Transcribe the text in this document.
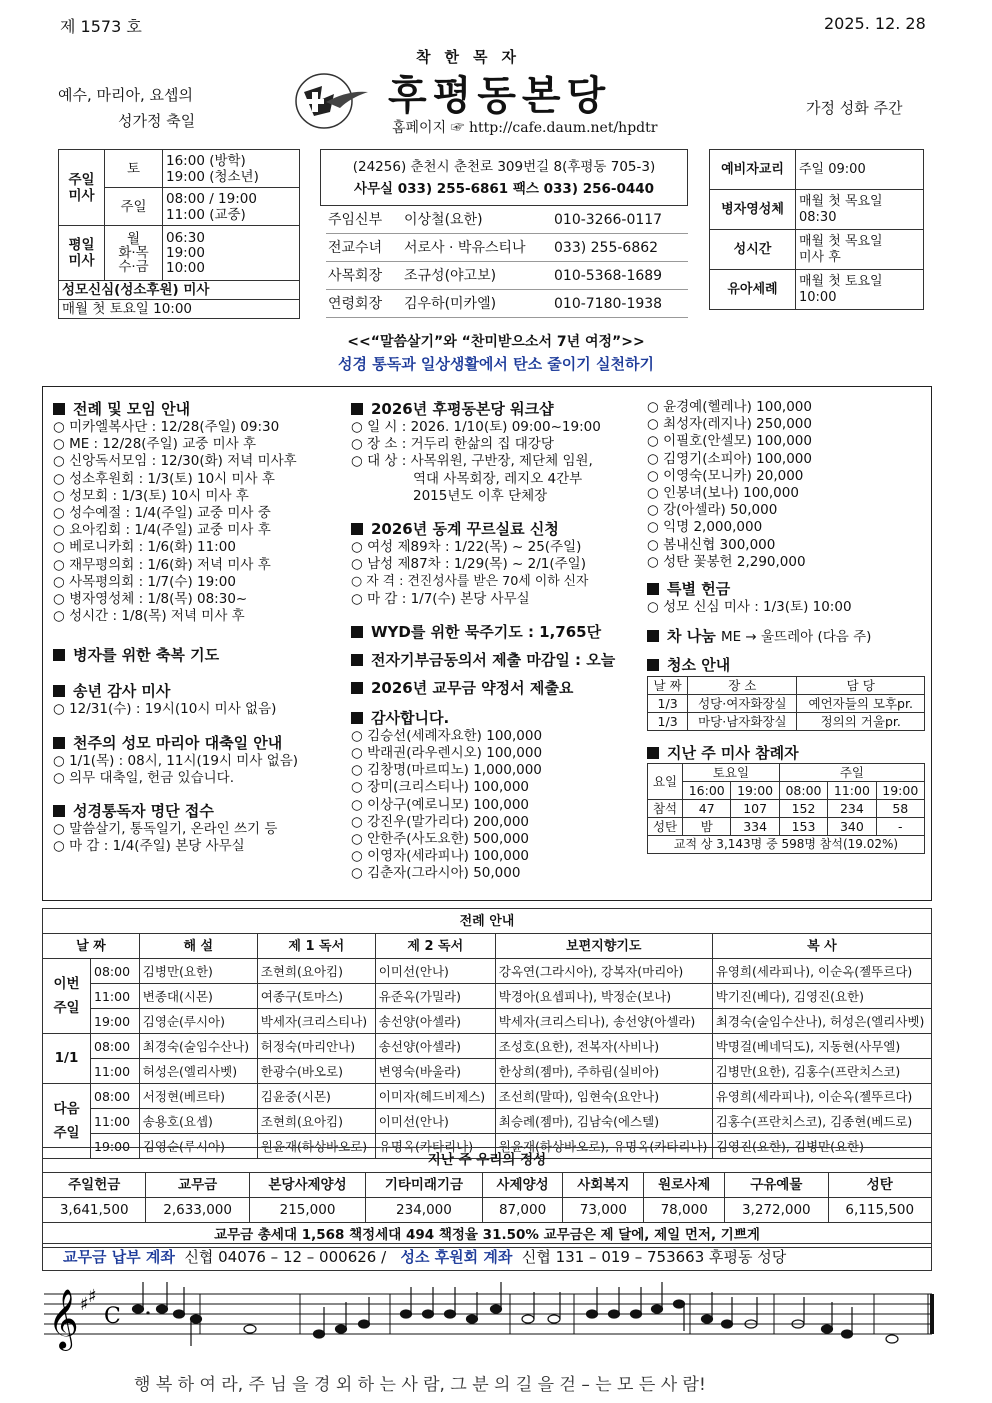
제 1573 호	2025. 12. 28
예수, 마리아, 요셉의
성가정 축일
가정 성화 주간
착한목자
후평동본당
홈페이지 ☞ http://cafe.daum.net/hpdtr
주일
미사	토	16:00 (방학)
19:00 (청소년)
	주일	08:00 / 19:00
11:00 (교중)
평일
미사	월
화·목
수·금	06:30
19:00
10:00
성모신심(성소후원) 미사		
매월 첫 토요일 10:00		
(24256) 춘천시 춘천로 309번길 8(후평동 705-3)
사무실 033) 255-6861 팩스 033) 256-0440
주임신부 이상철(요한)	010-3266-0117
전교수녀 서로사 · 박유스티나 033) 255-6862
사목회장 조규성(야고보)	010-5368-1689
연령회장 김우하(미카엘)	010-7180-1938
예비자교리	주일 09:00
병자영성체	매월 첫 목요일
08:30
성시간	매월 첫 목요일
미사 후
유아세례	매월 첫 토요일
10:00
<<“말씀살기”와 “찬미받으소서 7년 여정”>>
성경 통독과 일상생활에서 탄소 줄이기 실천하기
전례 및 모임 안내
○ 미카엘복사단 : 12/28(주일) 09:30
○ ME : 12/28(주일) 교중 미사 후
○ 신앙독서모임 : 12/30(화) 저녁 미사후
○ 성소후원회 : 1/3(토) 10시 미사 후
○ 성모회 : 1/3(토) 10시 미사 후
○ 성수예절 : 1/4(주일) 교중 미사 중
○ 요아킴회 : 1/4(주일) 교중 미사 후
○ 베로니카회 : 1/6(화) 11:00
○ 재무평의회 : 1/6(화) 저녁 미사 후
○ 사목평의회 : 1/7(수) 19:00
○ 병자영성체 : 1/8(목) 08:30~
○ 성시간 : 1/8(목) 저녁 미사 후
병자를 위한 축복 기도
송년 감사 미사
○ 12/31(수) : 19시(10시 미사 없음)
천주의 성모 마리아 대축일 안내
○ 1/1(목) : 08시, 11시(19시 미사 없음)
○ 의무 대축일, 헌금 있습니다.
성경통독자 명단 접수
○ 말씀살기, 통독일기, 온라인 쓰기 등
○ 마 감 : 1/4(주일) 본당 사무실
2026년 후평동본당 워크샵
○ 일 시 : 2026. 1/10(토) 09:00~19:00
○ 장 소 : 거두리 한삶의 집 대강당
○ 대 상 : 사목위원, 구반장, 제단체 임원,
역대 사목회장, 레지오 4간부
2015년도 이후 단체장
2026년 동계 꾸르실료 신청
○ 여성 제89차 : 1/22(목) ~ 25(주일)
○ 남성 제87차 : 1/29(목) ~ 2/1(주일)
○ 자 격 : 견진성사를 받은 70세 이하 신자
○ 마 감 : 1/7(수) 본당 사무실
WYD를 위한 묵주기도 : 1,765단
전자기부금동의서 제출 마감일 : 오늘
2026년 교무금 약정서 제출요
감사합니다.
○ 김승선(세례자요한) 100,000
○ 박래권(라우렌시오) 100,000
○ 김창명(마르띠노) 1,000,000
○ 장미(크리스티나) 100,000
○ 이상구(예로니모) 100,000
○ 강진우(말가리다) 200,000
○ 안한주(사도요한) 500,000
○ 이영자(세라피나) 100,000
○ 김춘자(그라시아) 50,000
○ 윤경예(헬레나) 100,000
○ 최성자(레지나) 250,000
○ 이필호(안셀모) 100,000
○ 김영기(소피아) 100,000
○ 이영숙(모니카) 20,000
○ 인봉녀(보나) 100,000
○ 강(아셀라) 50,000
○ 익명 2,000,000
○ 봄내신협 300,000
○ 성탄 꽃봉헌 2,290,000
특별 헌금
○ 성모 신심 미사 : 1/3(토) 10:00
차 나눔 ME → 울뜨레아 (다음 주)
청소 안내
날 짜	장 소	담 당
1/3	성당·여자화장실	예언자들의 모후pr.
1/3	마당·남자화장실	정의의 거울pr.
지난 주 미사 참례자
요일	토요일		주일		
	16:00	19:00	08:00	11:00	19:00
참석	47	107	152	234	58
성탄	밤	334	153	340	-
교적 상 3,143명 중 598명 참석(19.02%)					
전례 안내						
날 짜		해 설	제 1 독서	제 2 독서	보편지향기도	복 사
이번
주일	08:00	김병만(요한)	조현희(요아킴)	이미선(안나)	강옥연(그라시아), 강복자(마리아)	유영희(세라피나), 이순옥(젤뚜르다)
	11:00	변종대(시몬)	여종구(토마스)	유준옥(가밀라)	박경아(요셉피나), 박정순(보나)	박기진(베다), 김영진(요한)
	19:00	김영순(루시아)	박세자(크리스티나)	송선양(아셀라)	박세자(크리스티나), 송선양(아셀라)	최경숙(술임수산나), 허성은(엘리사벳)
1/1	08:00	최경숙(술임수산나)	허정숙(마리안나)	송선양(아셀라)	조성호(요한), 전복자(사비나)	박명걸(베네딕도), 지동현(사무엘)
	11:00	허성은(엘리사벳)	한광수(바오로)	변영숙(바울라)	한상희(젬마), 주하림(실비아)	김병만(요한), 김홍수(프란치스코)
다음
주일	08:00	서정현(베르타)	김윤중(시몬)	이미자(헤드비제스)	조선희(말따), 임현숙(요안나)	유영희(세라피나), 이순옥(젤뚜르다)
	11:00	송용호(요셉)	조현희(요아킴)	이미선(안나)	최승례(젬마), 김남숙(에스텔)	김홍수(프란치스코), 김종현(베드로)
	19:00	김영순(루시아)	원윤재(하상바오로)	유명옥(카타리나)	원윤재(하상바오로), 유명옥(카타리나)	김영진(요한), 김병만(요한)
지난 주 우리의 정성								
주일헌금	교무금	본당사제양성	기타미래기금	사제양성	사회복지	원로사제	구유예물	성탄
3,641,500	2,633,000	215,000	234,000	87,000	73,000	78,000	3,272,000	6,115,500
교무금 총세대 1,568 책정세대 494 책정율 31.50% 교무금은 제 달에, 제일 먼저, 기쁘게								
교무금 납부 계좌 신협 04076 – 12 – 000626 / 성소 후원회 계좌 신협 131 – 019 – 753663 후평동 성당
𝄞 ♯ ♯
C
행 복 하 여 라, 주 님 을 경 외 하 는 사 람, 그 분 의 길 을 걷 – 는 모 든 사 람!
